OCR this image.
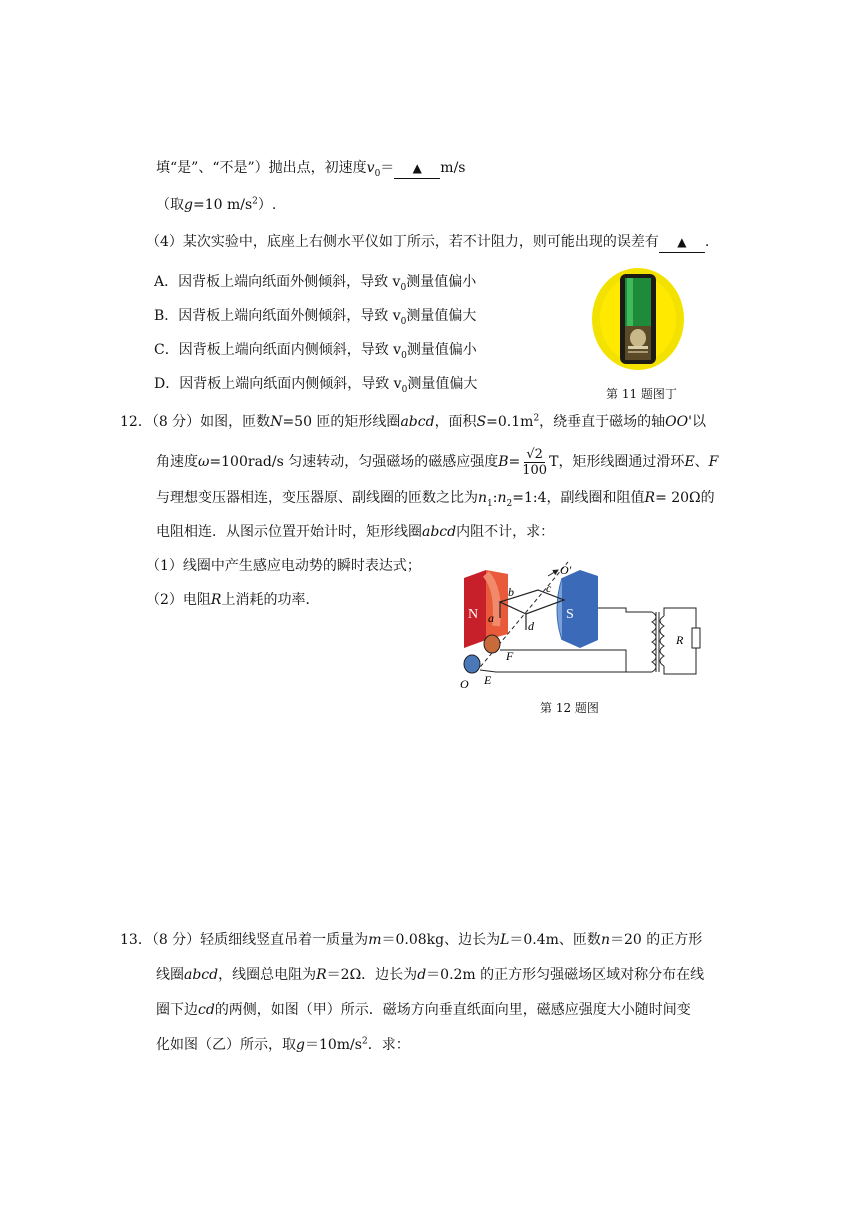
填“是”、“不是”）抛出点，初速度$v_0=$ ▲ m/s
（取g=10 $m/s^2$）.
（4）某次实验中，底座上右侧水平仪如丁所示，若不计阻力，则可能出现的误差有 ▲ .
A．因背板上端向纸面外侧倾斜，导致 $v_0$测量值偏小
B．因背板上端向纸面外侧倾斜，导致 $v_0$测量值偏大
C．因背板上端向纸面内侧倾斜，导致 $v_0$测量值偏小
D．因背板上端向纸面内侧倾斜，导致 $v_0$测量值偏大
第 11 题图丁
12．（8 分）如图，匝数N=50 匝的矩形线圈abcd，面积$S=0.1m^2$，绕垂直于磁场的轴OO'以
角速度 ω =100rad/s 匀速转动，匀强磁场的磁感应强度 $B = \frac{√2}{100}$ T ，矩形线圈通过滑环 E 、 F
与理想变压器相连，变压器原、副线圈的匝数之比为$n_1:n_2=1:4$，副线圈和阻值R= 20Ω的
电阻相连．从图示位置开始计时，矩形线圈abcd内阻不计，求：
（1）线圈中产生感应电动势的瞬时表达式；
（2）电阻R上消耗的功率．
N	S
b
a
c
d
O'
F
E
O
R
第 12 题图
13．（8 分）轻质细线竖直吊着一质量为m＝0.08kg、边长为L＝0.4m、匝数n＝20 的正方形
线圈abcd，线圈总电阻为R＝2Ω．边长为d＝0.2m 的正方形匀强磁场区域对称分布在线
圈下边cd的两侧，如图（甲）所示．磁场方向垂直纸面向里，磁感应强度大小随时间变
化如图（乙）所示，取$g=10m/s^2$．求：
